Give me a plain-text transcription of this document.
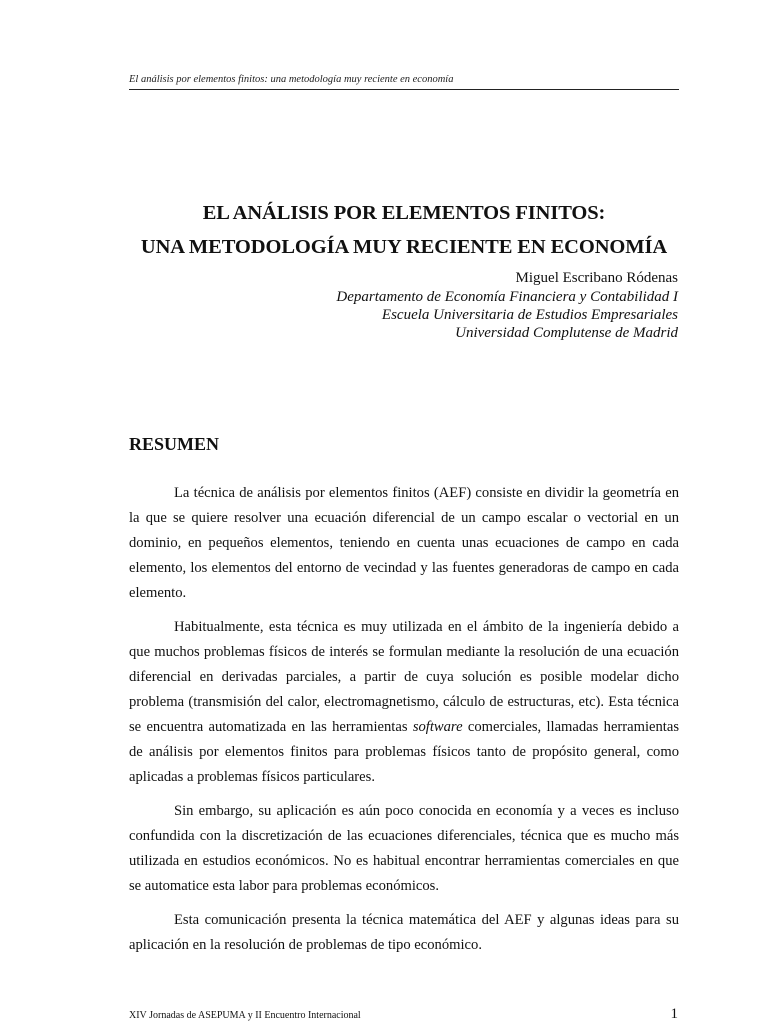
El análisis por elementos finitos: una metodología muy reciente en economía
EL ANÁLISIS POR ELEMENTOS FINITOS:
UNA METODOLOGÍA MUY RECIENTE EN ECONOMÍA
Miguel Escribano Ródenas
Departamento de Economía Financiera y Contabilidad I
Escuela Universitaria de Estudios Empresariales
Universidad Complutense de Madrid
RESUMEN

La técnica de análisis por elementos finitos (AEF) consiste en dividir la geometría en la que se quiere resolver una ecuación diferencial de un campo escalar o vectorial en un dominio, en pequeños elementos, teniendo en cuenta unas ecuaciones de campo en cada elemento, los elementos del entorno de vecindad y las fuentes generadoras de campo en cada elemento.

Habitualmente, esta técnica es muy utilizada en el ámbito de la ingeniería debido a que muchos problemas físicos de interés se formulan mediante la resolución de una ecuación diferencial en derivadas parciales, a partir de cuya solución es posible modelar dicho problema (transmisión del calor, electromagnetismo, cálculo de estructuras, etc). Esta técnica se encuentra automatizada en las herramientas software comerciales, llamadas herramientas de análisis por elementos finitos para problemas físicos tanto de propósito general, como aplicadas a problemas físicos particulares.

Sin embargo, su aplicación es aún poco conocida en economía y a veces es incluso confundida con la discretización de las ecuaciones diferenciales, técnica que es mucho más utilizada en estudios económicos. No es habitual encontrar herramientas comerciales en que se automatice esta labor para problemas económicos.

Esta comunicación presenta la técnica matemática del AEF y algunas ideas para su aplicación en la resolución de problemas de tipo económico.

XIV Jornadas de ASEPUMA y II Encuentro Internacional	1
